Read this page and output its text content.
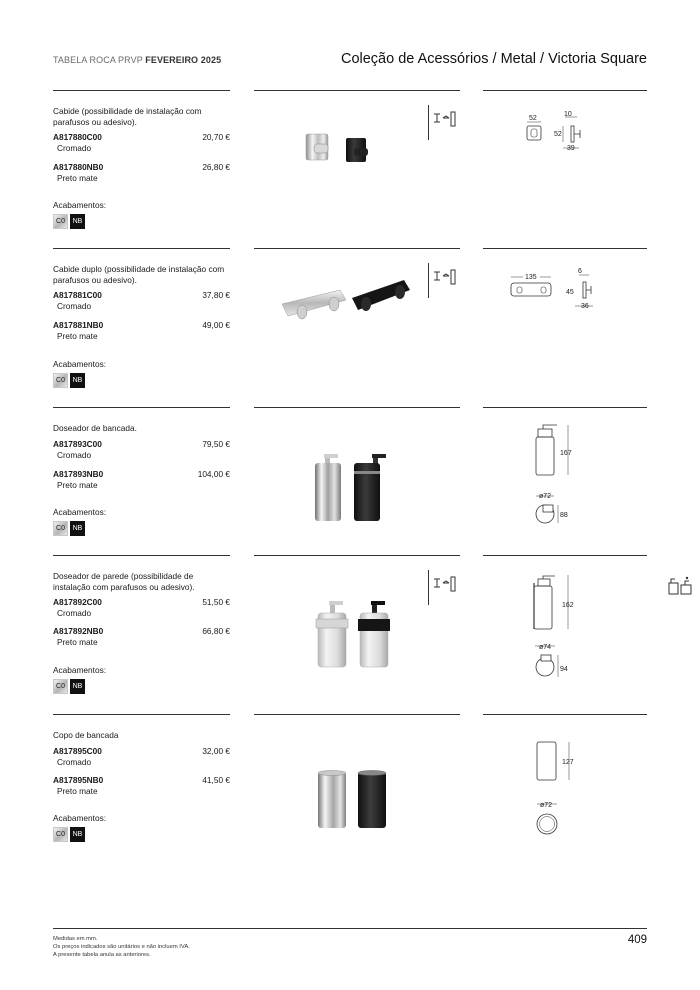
TABELA ROCA PRVP FEVEREIRO 2025	Coleção de Acessórios / Metal / Victoria Square
Cabide (possibilidade de instalação com parafusos ou adesivo).
A817880C00	20,70 €
Cromado
A817880NB0	26,80 €
Preto mate
Acabamentos:
C0	NB
52
10
52
39
Cabide duplo (possibilidade de instalação com parafusos ou adesivo).
A817881C00	37,80 €
Cromado
A817881NB0	49,00 €
Preto mate
Acabamentos:
C0	NB
135
6
45
36
Doseador de bancada.
A817893C00	79,50 €
Cromado
A817893NB0	104,00 €
Preto mate
Acabamentos:
C0	NB
167
ø72
88
Doseador de parede (possibilidade de instalação com parafusos ou adesivo).
A817892C00	51,50 €
Cromado
A817892NB0	66,80 €
Preto mate
Acabamentos:
C0	NB
162
ø74
94
Copo de bancada
A817895C00	32,00 €
Cromado
A817895NB0	41,50 €
Preto mate
Acabamentos:
C0	NB
127
ø72
Medidas em mm.
Os preços indicados são unitários e não incluem IVA.
A presente tabela anula as anteriores.
409
